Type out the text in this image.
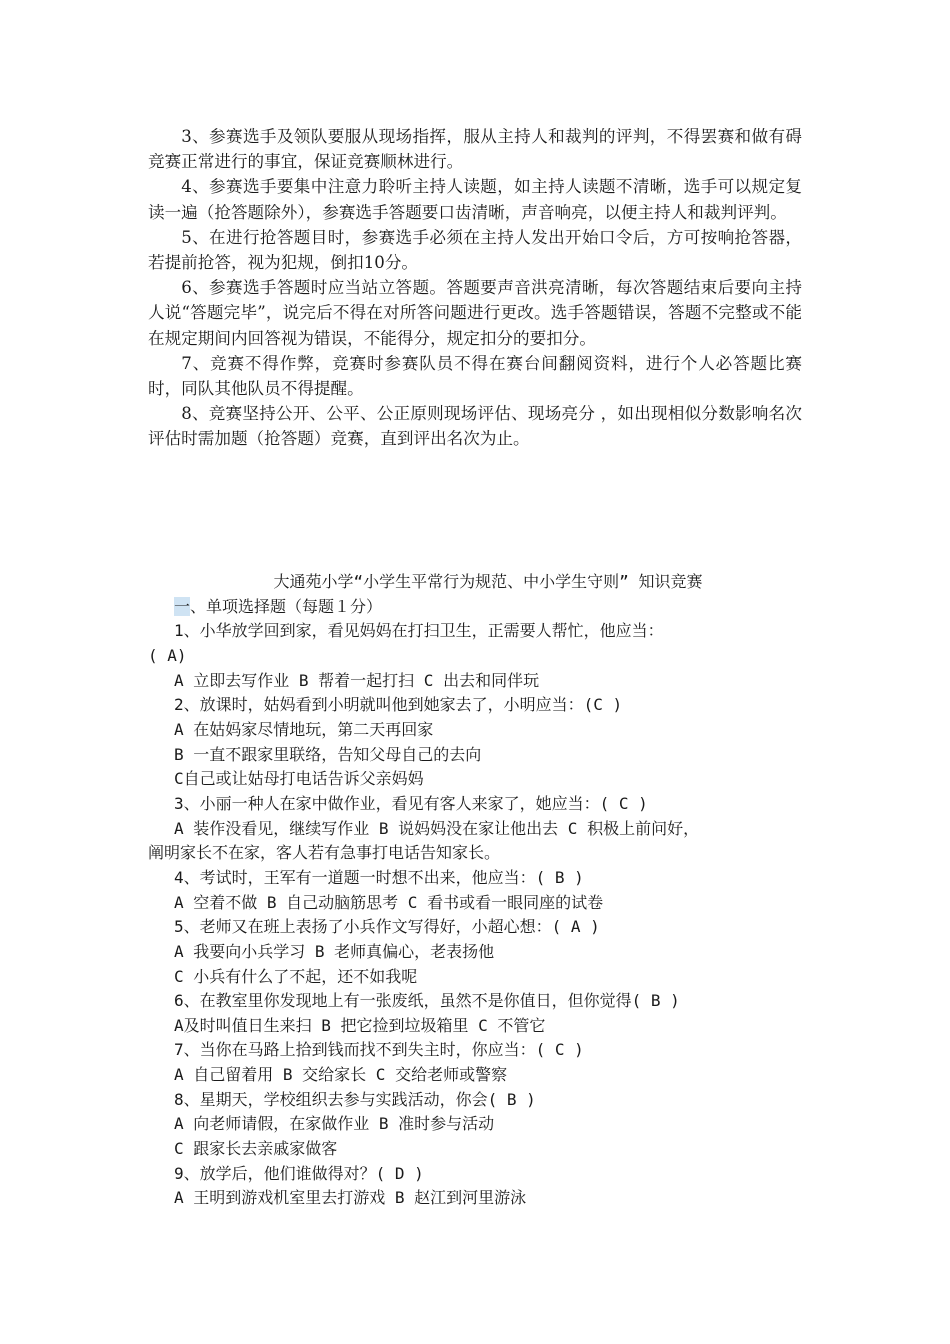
3、参赛选手及领队要服从现场指挥，服从主持人和裁判的评判，不得罢赛和做有碍竞赛正常进行的事宜，保证竞赛顺林进行。

4、参赛选手要集中注意力聆听主持人读题，如主持人读题不清晰，选手可以规定复读一遍（抢答题除外），参赛选手答题要口齿清晰，声音响亮，以便主持人和裁判评判。

5、在进行抢答题目时，参赛选手必须在主持人发出开始口令后，方可按响抢答器，若提前抢答，视为犯规，倒扣10分。

6、参赛选手答题时应当站立答题。答题要声音洪亮清晰，每次答题结束后要向主持人说“答题完毕”，说完后不得在对所答问题进行更改。选手答题错误，答题不完整或不能在规定期间内回答视为错误，不能得分，规定扣分的要扣分。

7、竞赛不得作弊，竞赛时参赛队员不得在赛台间翻阅资料，进行个人必答题比赛时，同队其他队员不得提醒。

8、竞赛坚持公开、公平、公正原则现场评估、现场亮分 ，如出现相似分数影响名次评估时需加题（抢答题）竞赛，直到评出名次为止。

大通苑小学“小学生平常行为规范、中小学生守则” 知识竞赛

一、单项选择题（每题１分）

1、小华放学回到家，看见妈妈在打扫卫生，正需要人帮忙，他应当：

( A)

A 立即去写作业 B 帮着一起打扫 C 出去和同伴玩

2、放课时，姑妈看到小明就叫他到她家去了，小明应当：(C )

A 在姑妈家尽情地玩，第二天再回家

B 一直不跟家里联络，告知父母自己的去向

C自己或让姑母打电话告诉父亲妈妈

3、小丽一种人在家中做作业，看见有客人来家了，她应当：( C )

A 装作没看见，继续写作业 B 说妈妈没在家让他出去 C 积极上前问好，

阐明家长不在家，客人若有急事打电话告知家长。

4、考试时，王军有一道题一时想不出来，他应当：( B )

A 空着不做 B 自己动脑筋思考 C 看书或看一眼同座的试卷

5、老师又在班上表扬了小兵作文写得好，小超心想：( A )

A 我要向小兵学习 B 老师真偏心，老表扬他

C 小兵有什么了不起，还不如我呢

6、在教室里你发现地上有一张废纸，虽然不是你值日，但你觉得( B )

A及时叫值日生来扫 B 把它捡到垃圾箱里 C 不管它

7、当你在马路上拾到钱而找不到失主时，你应当：( C )

A 自己留着用 B 交给家长 C 交给老师或警察

8、星期天，学校组织去参与实践活动，你会( B )

A 向老师请假，在家做作业 B 准时参与活动

C 跟家长去亲戚家做客

9、放学后，他们谁做得对？( D )

A 王明到游戏机室里去打游戏 B 赵江到河里游泳
